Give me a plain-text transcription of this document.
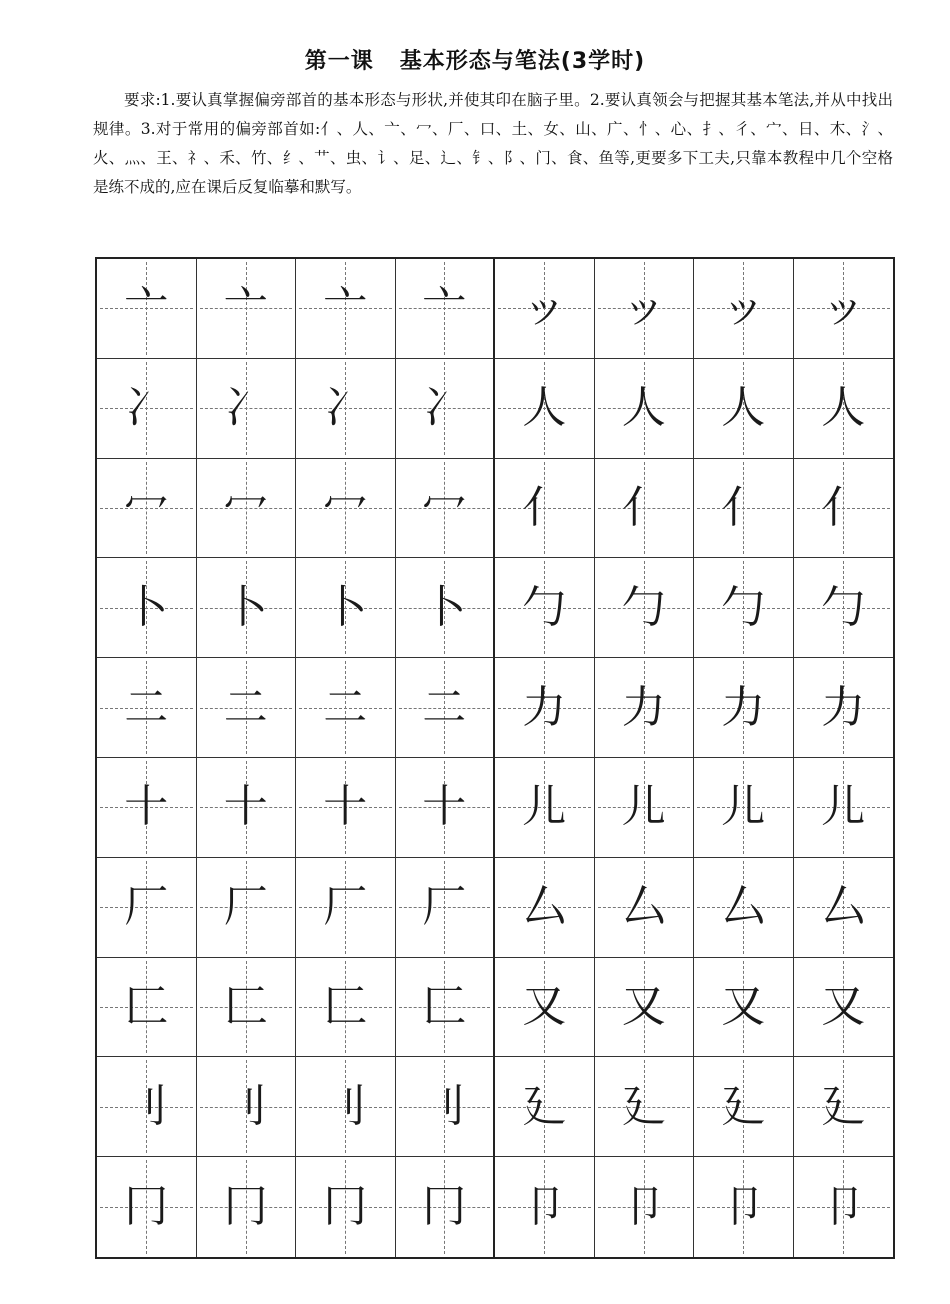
第一课 基本形态与笔法(3学时)
要求:1.要认真掌握偏旁部首的基本形态与形状,并使其印在脑子里。2.要认真领会与把握其基本笔法,并从中找出规律。3.对于常用的偏旁部首如:亻、人、亠、冖、厂、口、土、女、山、广、忄、心、扌、彳、宀、日、木、氵、火、灬、王、礻、禾、竹、纟、艹、虫、讠、足、辶、钅、阝、门、食、鱼等,更要多下工夫,只靠本教程中几个空格是练不成的,应在课后反复临摹和默写。
亠 亠 亠 亠 ッ ッ ッ ッ
冫 冫 冫 冫 人 人 人 人
冖 冖 冖 冖 亻 亻 亻 亻
卜 卜 卜 卜 勹 勹 勹 勹
二 二 二 二 力 力 力 力
十 十 十 十 儿 儿 儿 儿
厂 厂 厂 厂 厶 厶 厶 厶
匚 匚 匚 匚 又 又 又 又
刂 刂 刂 刂 廴 廴 廴 廴
冂 冂 冂 冂 卩 卩 卩 卩
